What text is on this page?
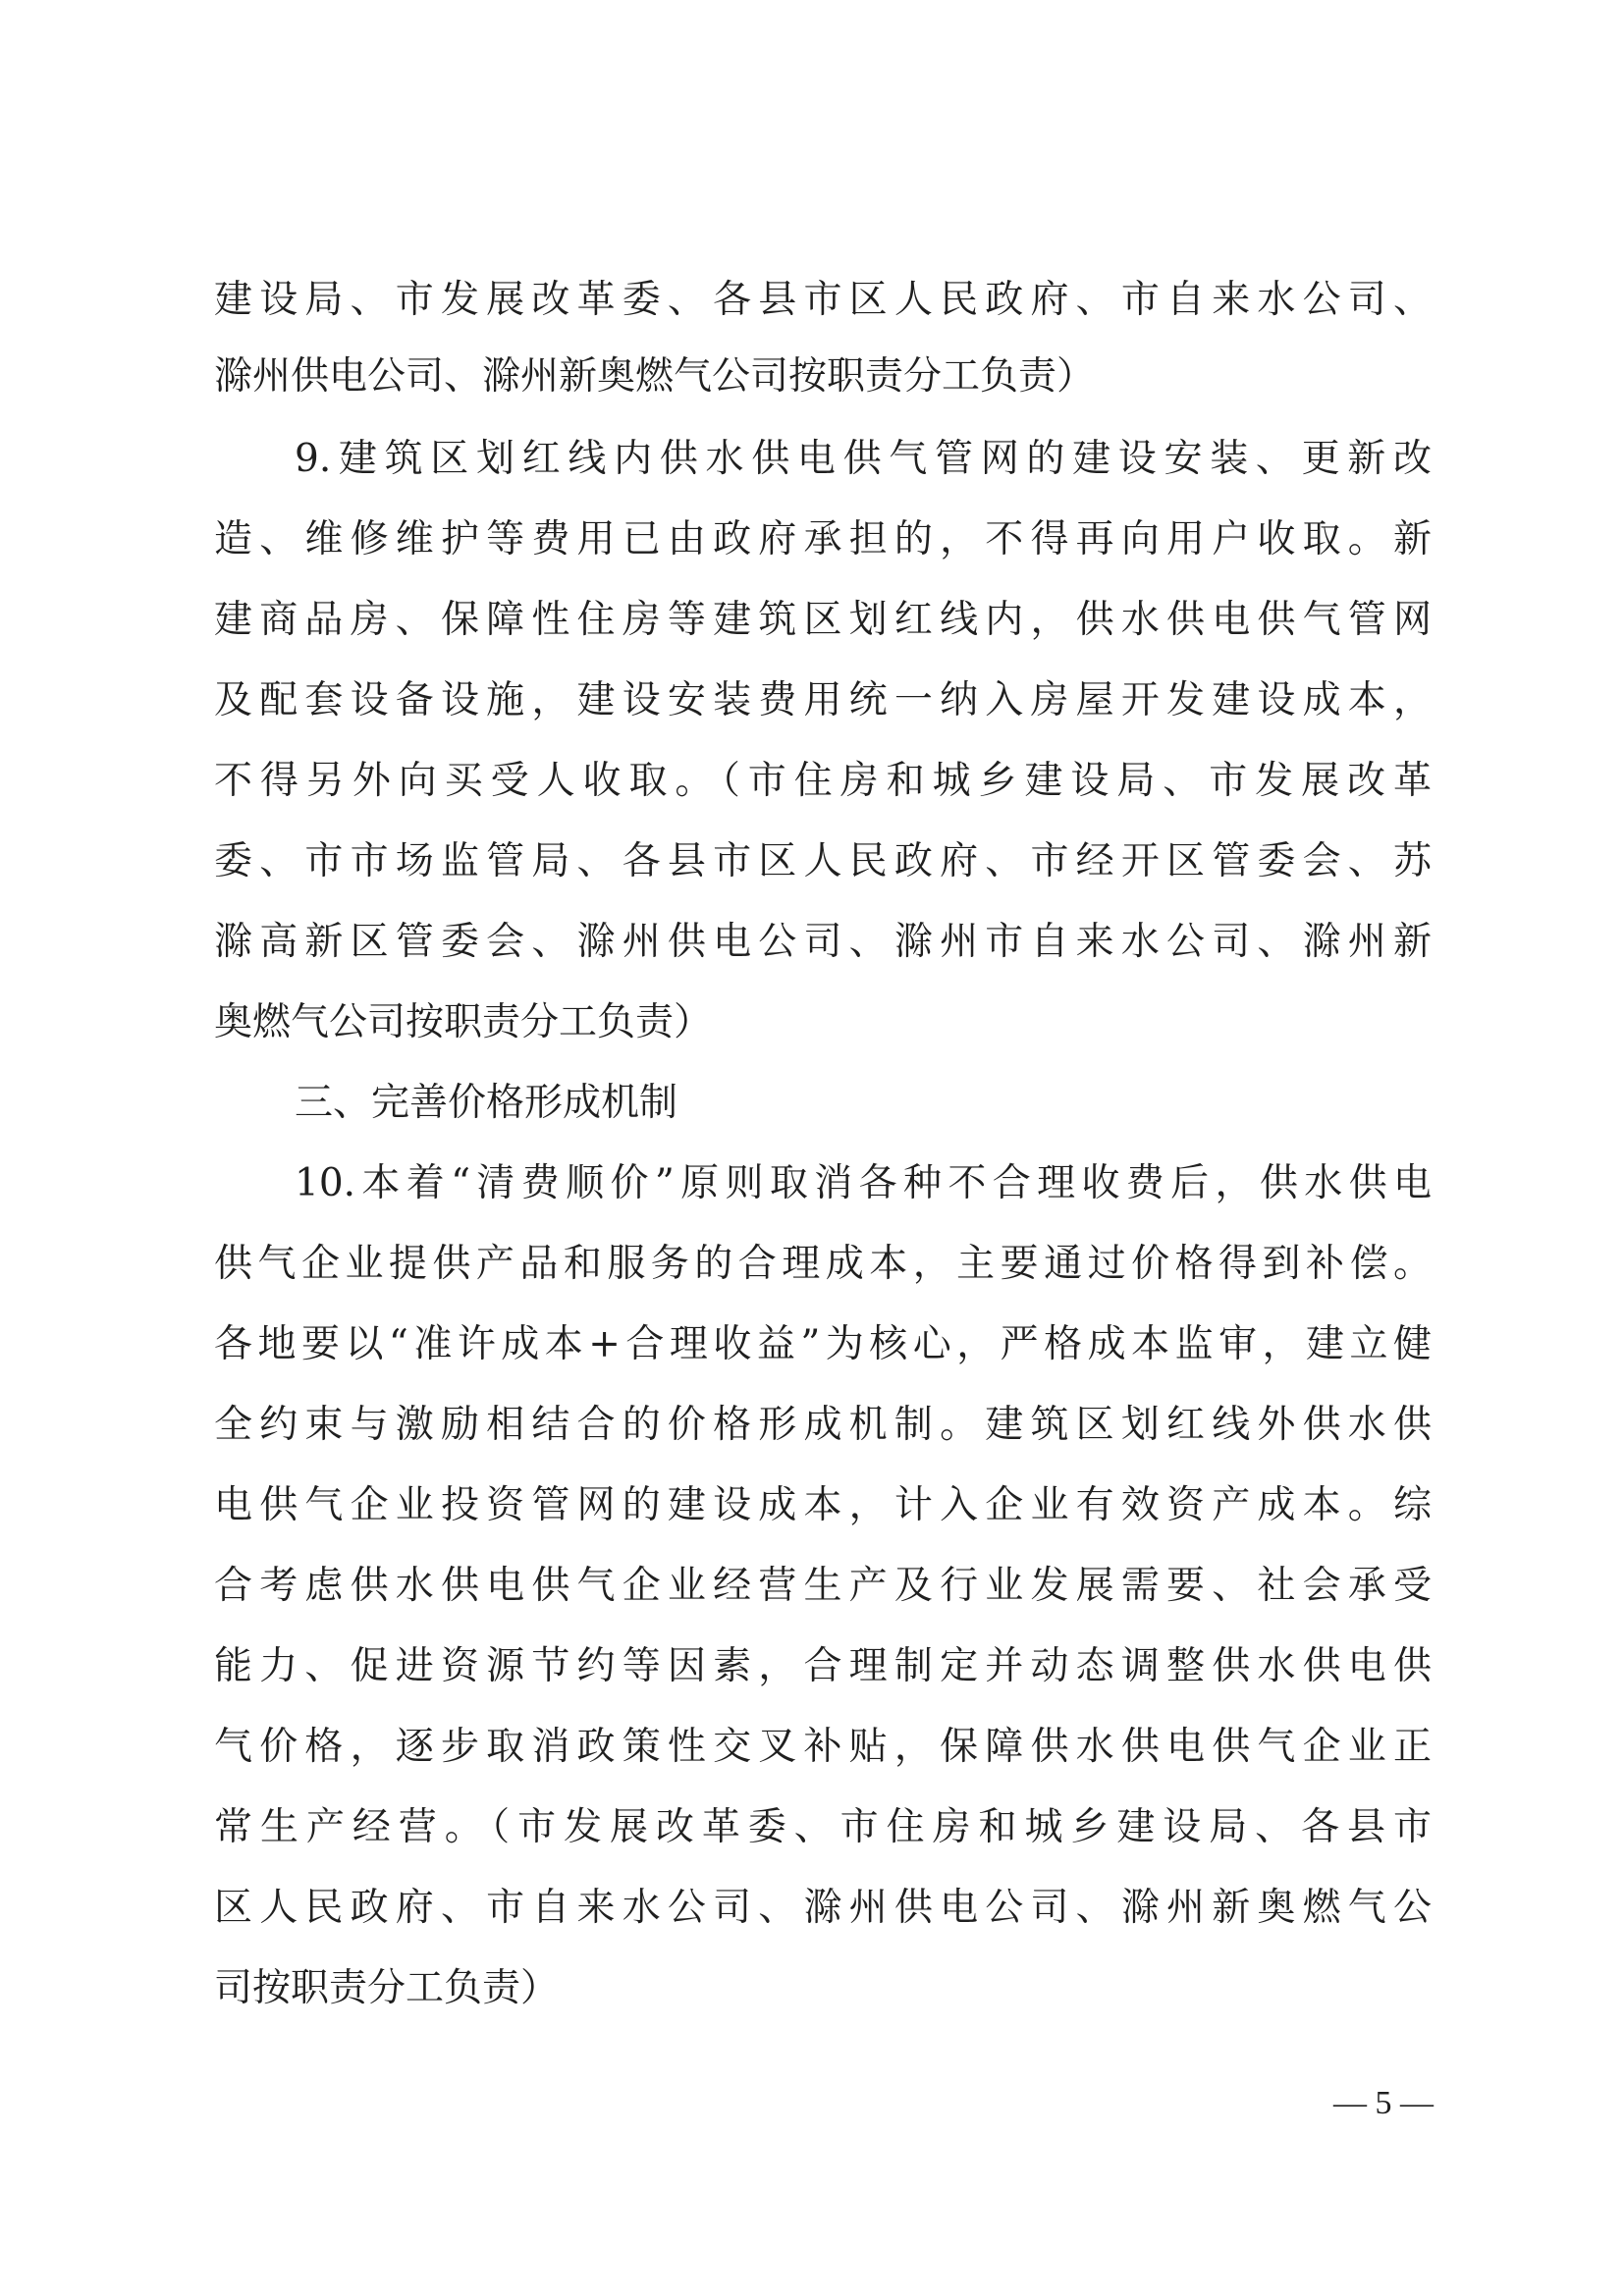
建设局、市发展改革委、各县市区人民政府、市自来水公司、
滁州供电公司、滁州新奥燃气公司按职责分工负责）
9.建筑区划红线内供水供电供气管网的建设安装、更新改
造、维修维护等费用已由政府承担的，不得再向用户收取。新
建商品房、保障性住房等建筑区划红线内，供水供电供气管网
及配套设备设施，建设安装费用统一纳入房屋开发建设成本，
不得另外向买受人收取。（市住房和城乡建设局、市发展改革
委、市市场监管局、各县市区人民政府、市经开区管委会、苏
滁高新区管委会、滁州供电公司、滁州市自来水公司、滁州新
奥燃气公司按职责分工负责）
三、完善价格形成机制
10.本着“清费顺价”原则取消各种不合理收费后，供水供电
供气企业提供产品和服务的合理成本，主要通过价格得到补偿。
各地要以“准许成本+合理收益”为核心，严格成本监审，建立健
全约束与激励相结合的价格形成机制。建筑区划红线外供水供
电供气企业投资管网的建设成本，计入企业有效资产成本。综
合考虑供水供电供气企业经营生产及行业发展需要、社会承受
能力、促进资源节约等因素，合理制定并动态调整供水供电供
气价格，逐步取消政策性交叉补贴，保障供水供电供气企业正
常生产经营。（市发展改革委、市住房和城乡建设局、各县市
区人民政府、市自来水公司、滁州供电公司、滁州新奥燃气公
司按职责分工负责）
— 5 —
